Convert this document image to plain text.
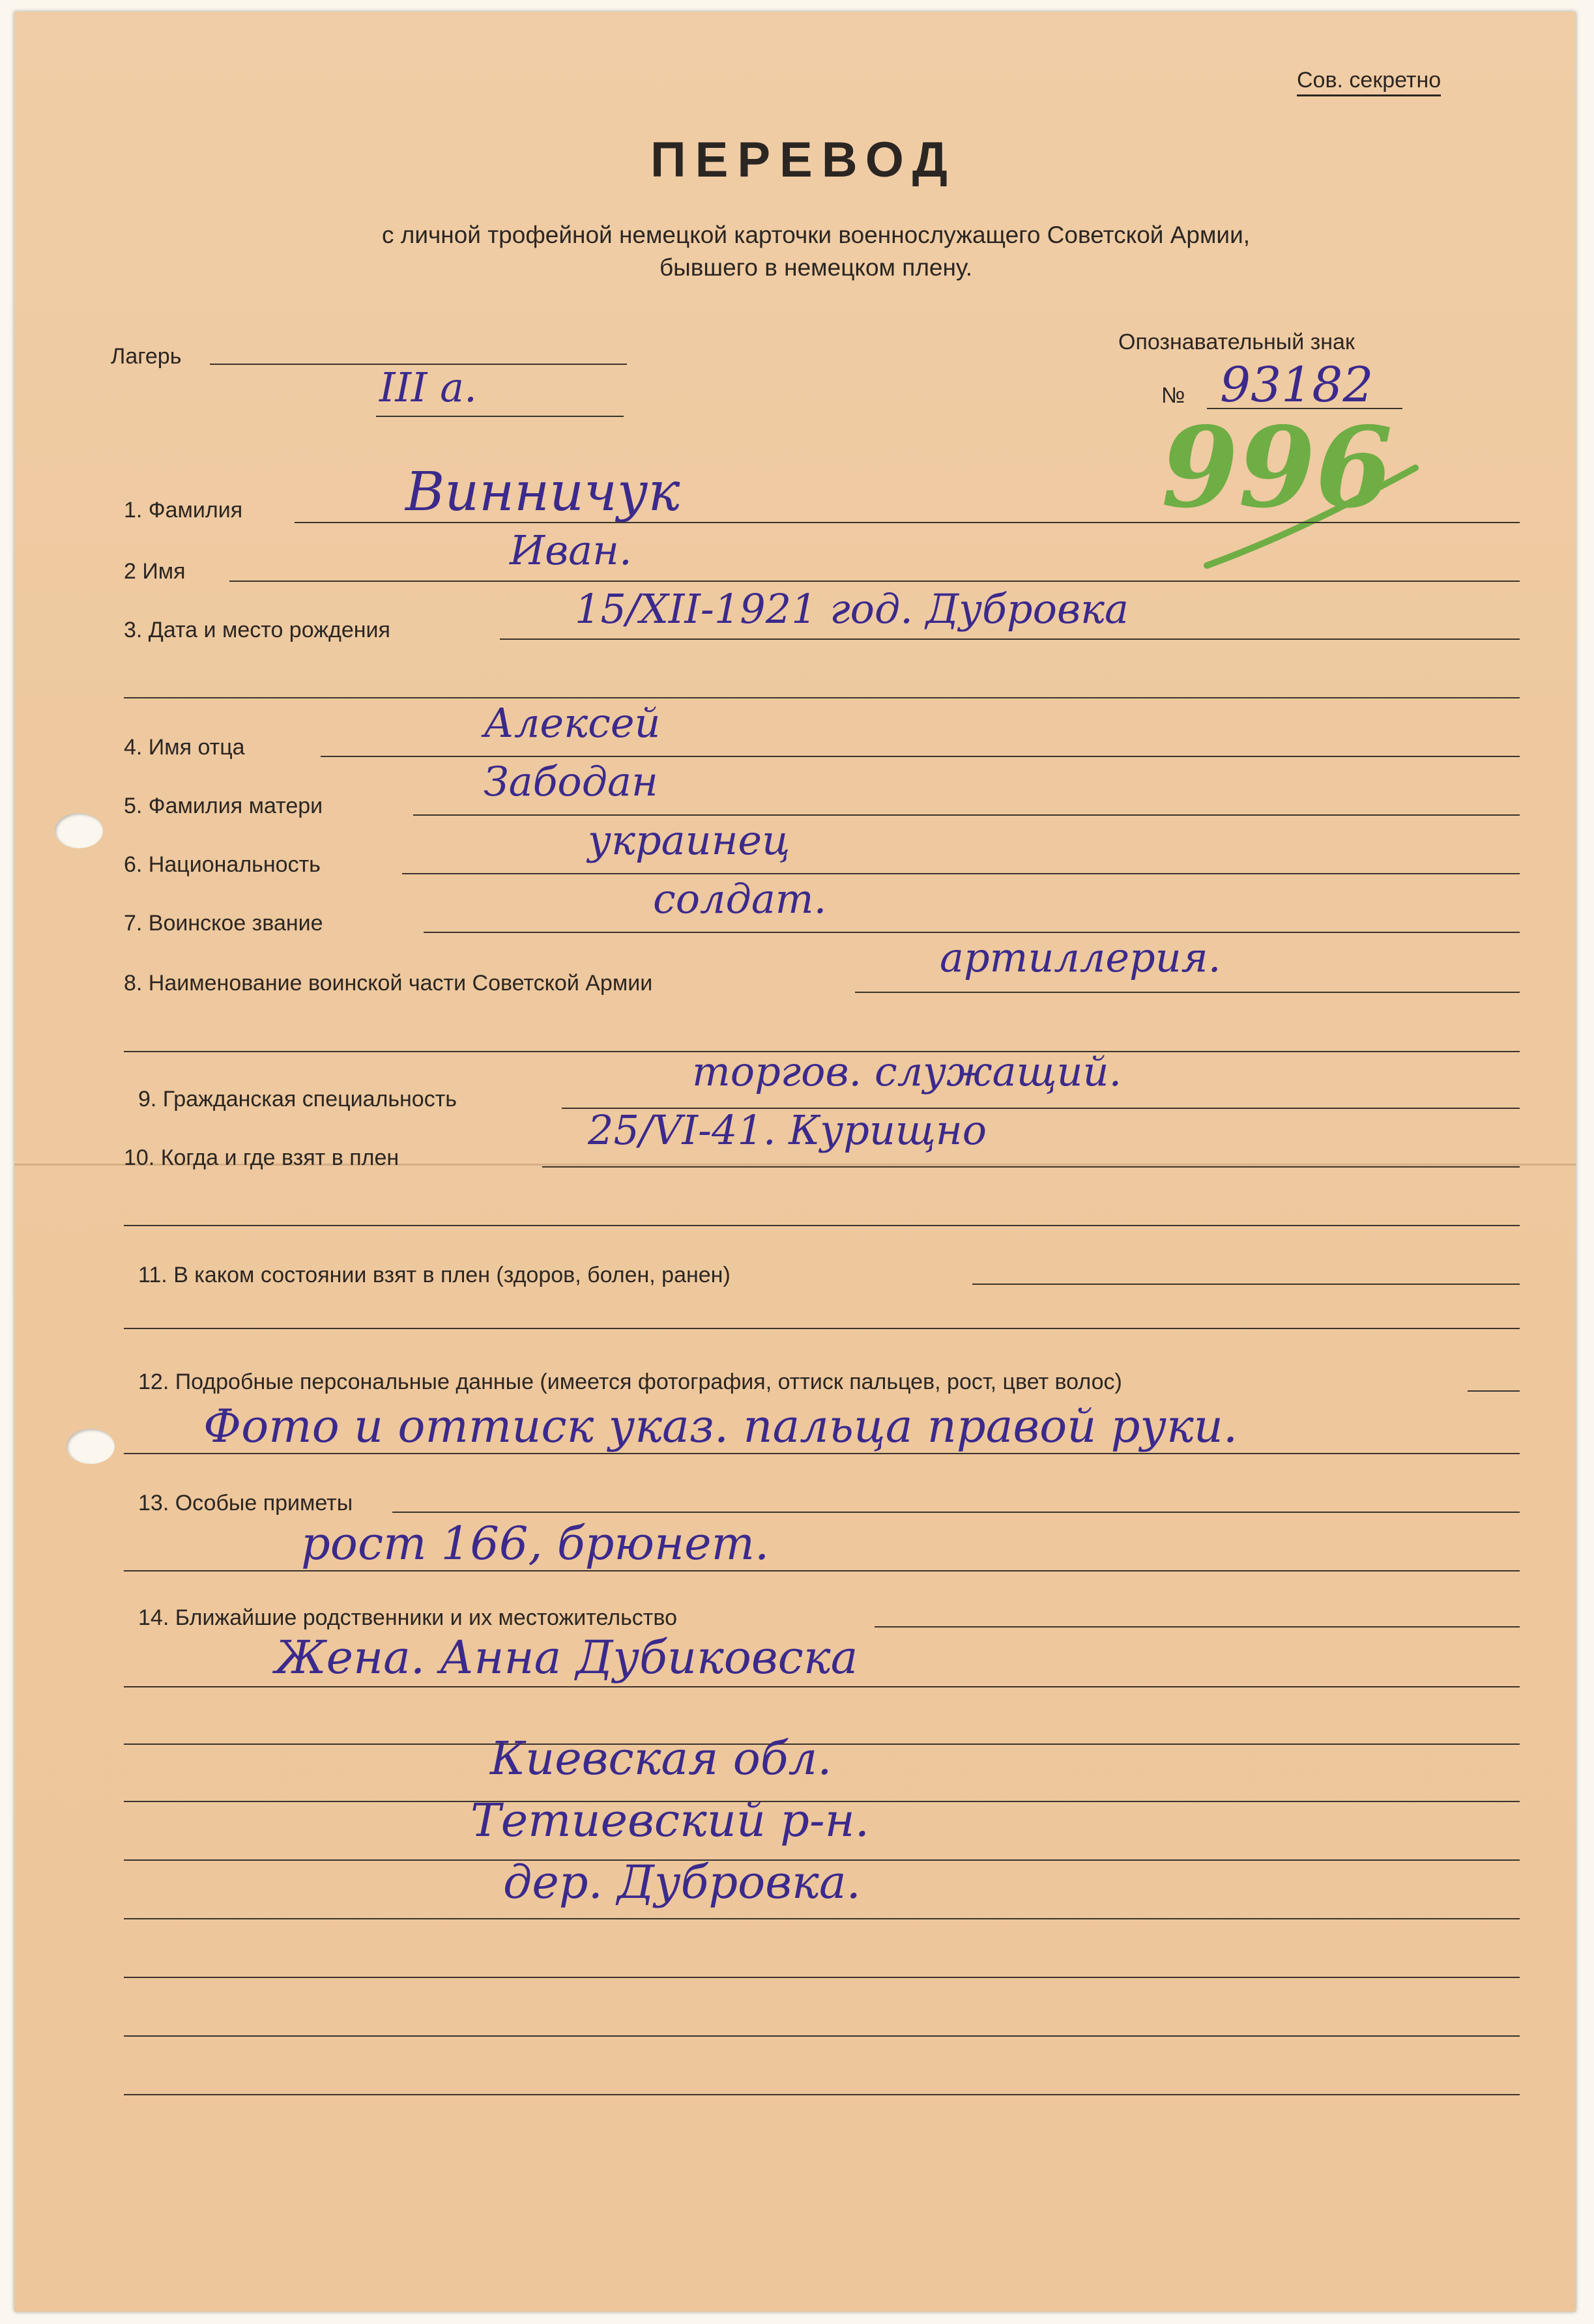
Сов. секретно
ПЕРЕВОД
с личной трофейной немецкой карточки военнослужащего Советской Армии,
бывшего в немецком плену.
Лагерь
III а.
Опознавательный знак
№ 93182
996
1. Фамилия	Винничук
2 Имя	Иван.
3. Дата и место рождения	15/XII-1921 год. Дубровка
4. Имя отца
Алексей
5. Фамилия матери
Забодан
6. Национальность
украинец
7. Воинское звание
солдат.
8. Наименование воинской части Советской Армии
артиллерия.
9. Гражданская специальность
торгов. служащий.
10. Когда и где взят в плен
25/VI-41. Курищно
11. В каком состоянии взят в плен (здоров, болен, ранен)
12. Подробные персональные данные (имеется фотография, оттиск пальцев, рост, цвет волос)
Фото и оттиск указ. пальца правой руки.
13. Особые приметы
рост 166, брюнет.
14. Ближайшие родственники и их местожительство
Жена. Анна Дубиковска
Киевская обл.
Тетиевский р-н.
дер. Дубровка.
